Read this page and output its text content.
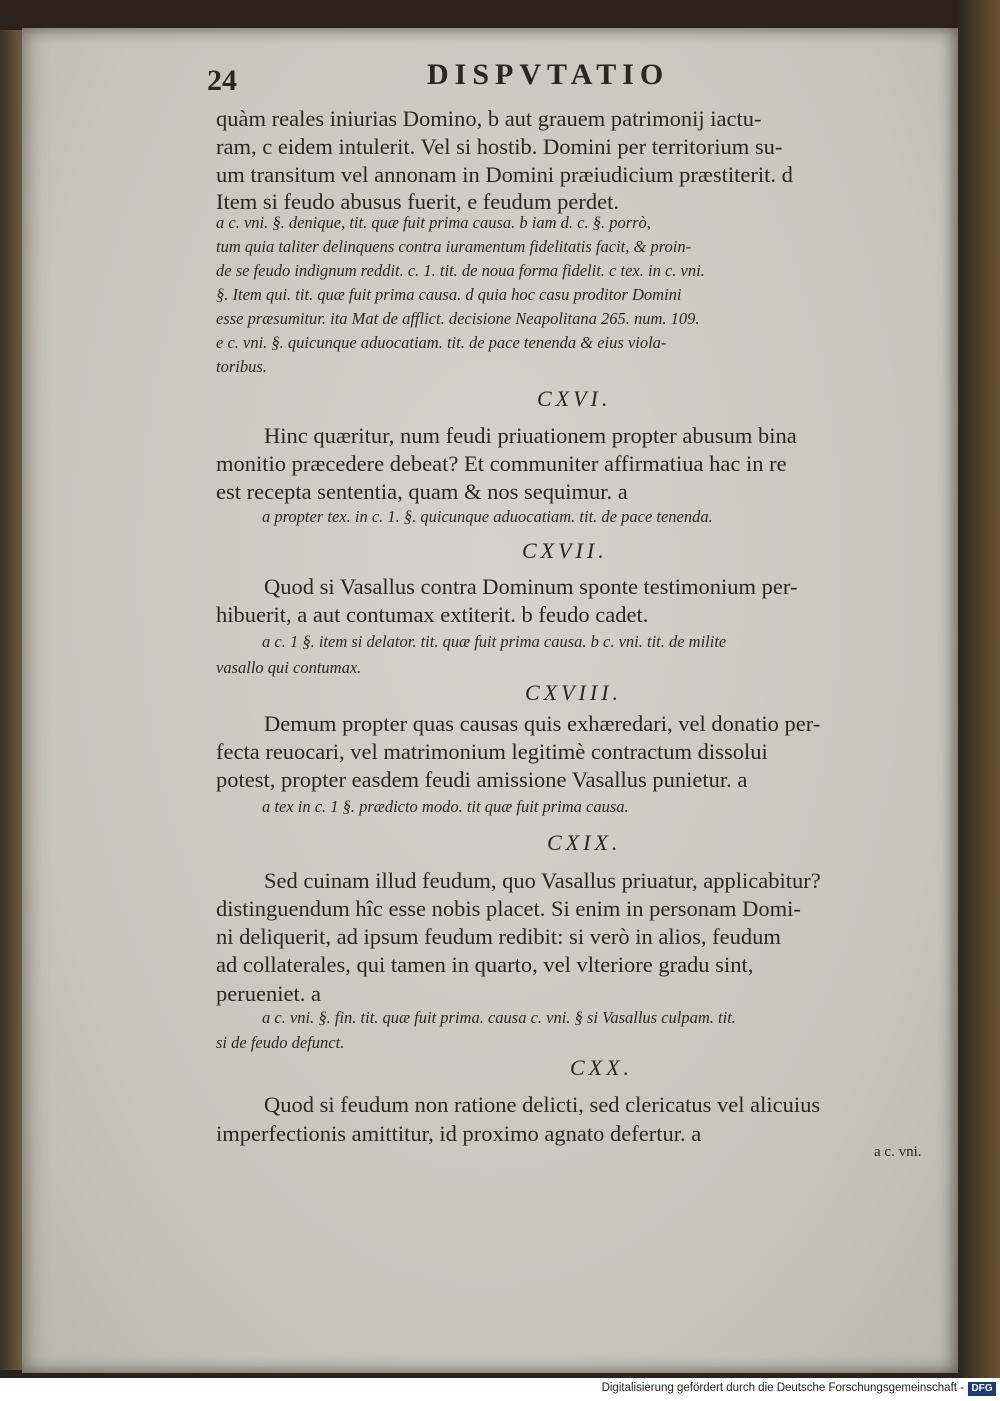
24	DISPVTATIO
quàm reales iniurias Domino, b aut grauem patrimonij iactu-
ram, c eidem intulerit. Vel si hostib. Domini per territorium su-
um transitum vel annonam in Domini præiudicium præstiterit. d
Item si feudo abusus fuerit, e feudum perdet.
a c. vni. §. denique, tit. quæ fuit prima causa. b iam d. c. §. porrò,
tum quia taliter delinquens contra iuramentum fidelitatis facit, & proin-
de se feudo indignum reddit. c. 1. tit. de noua forma fidelit. c tex. in c. vni.
§. Item qui. tit. quæ fuit prima causa. d quia hoc casu proditor Domini
esse præsumitur. ita Mat de afflict. decisione Neapolitana 265. num. 109.
e c. vni. §. quicunque aduocatiam. tit. de pace tenenda & eius viola-
toribus.
CXVI.
Hinc quæritur, num feudi priuationem propter abusum bina
monitio præcedere debeat? Et communiter affirmatiua hac in re
est recepta sententia, quam & nos sequimur. a
a propter tex. in c. 1. §. quicunque aduocatiam. tit. de pace tenenda.
CXVII.
Quod si Vasallus contra Dominum sponte testimonium per-
hibuerit, a aut contumax extiterit. b feudo cadet.
a c. 1 §. item si delator. tit. quæ fuit prima causa. b c. vni. tit. de milite
vasallo qui contumax.
CXVIII.
Demum propter quas causas quis exhæredari, vel donatio per-
fecta reuocari, vel matrimonium legitimè contractum dissolui
potest, propter easdem feudi amissione Vasallus punietur. a
a tex in c. 1 §. prædicto modo. tit quæ fuit prima causa.
CXIX.
Sed cuinam illud feudum, quo Vasallus priuatur, applicabitur?
distinguendum hîc esse nobis placet. Si enim in personam Domi-
ni deliquerit, ad ipsum feudum redibit: si verò in alios, feudum
ad collaterales, qui tamen in quarto, vel vlteriore gradu sint,
perueniet. a
a c. vni. §. fin. tit. quæ fuit prima. causa c. vni. § si Vasallus culpam. tit.
si de feudo defunct.
CXX.
Quod si feudum non ratione delicti, sed clericatus vel alicuius
imperfectionis amittitur, id proximo agnato defertur. a
a c. vni.
Digitalisierung gefördert durch die Deutsche Forschungsgemeinschaft - DFG
